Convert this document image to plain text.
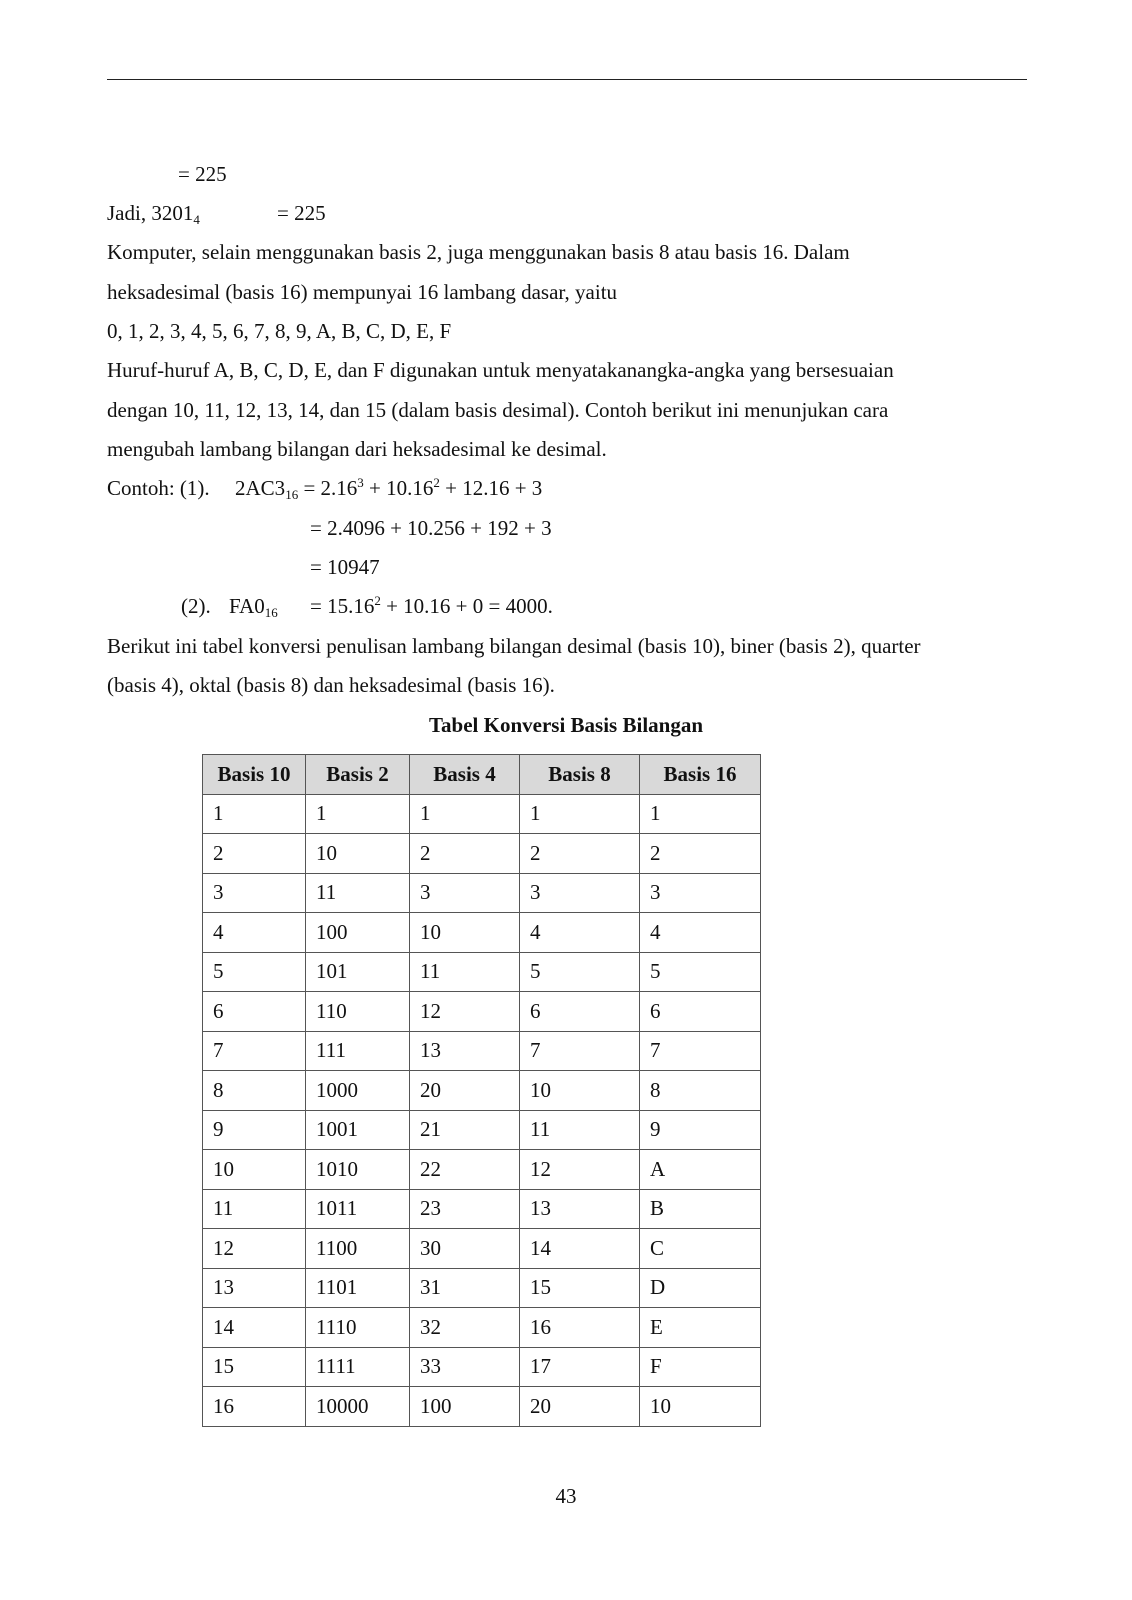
= 225
Jadi, $3201_4$	= 225
Komputer, selain menggunakan basis 2, juga menggunakan basis 8 atau basis 16. Dalam
heksadesimal (basis 16) mempunyai 16 lambang dasar, yaitu
0, 1, 2, 3, 4, 5, 6, 7, 8, 9, A, B, C, D, E, F
Huruf-huruf A, B, C, D, E, dan F digunakan untuk menyatakanangka-angka yang bersesuaian
dengan 10, 11, 12, 13, 14, dan 15 (dalam basis desimal). Contoh berikut ini menunjukan cara
mengubah lambang bilangan dari heksadesimal ke desimal.
Contoh: (1). $2AC3_{16} = 2.16^3 + 10.16^2 + 12.16 + 3$
= 2.4096 + 10.256 + 192 + 3
= 10947
(2). $FA0_{16} = 15.16^2 + 10.16 + 0 = 4000$.
Berikut ini tabel konversi penulisan lambang bilangan desimal (basis 10), biner (basis 2), quarter
(basis 4), oktal (basis 8) dan heksadesimal (basis 16).
Tabel Konversi Basis Bilangan
Basis 10	Basis 2	Basis 4	Basis 8	Basis 16
1	1	1	1	1
2	10	2	2	2
3	11	3	3	3
4	100	10	4	4
5	101	11	5	5
6	110	12	6	6
7	111	13	7	7
8	1000	20	10	8
9	1001	21	11	9
10	1010	22	12	A
11	1011	23	13	B
12	1100	30	14	C
13	1101	31	15	D
14	1110	32	16	E
15	1111	33	17	F
16	10000	100	20	10
43
